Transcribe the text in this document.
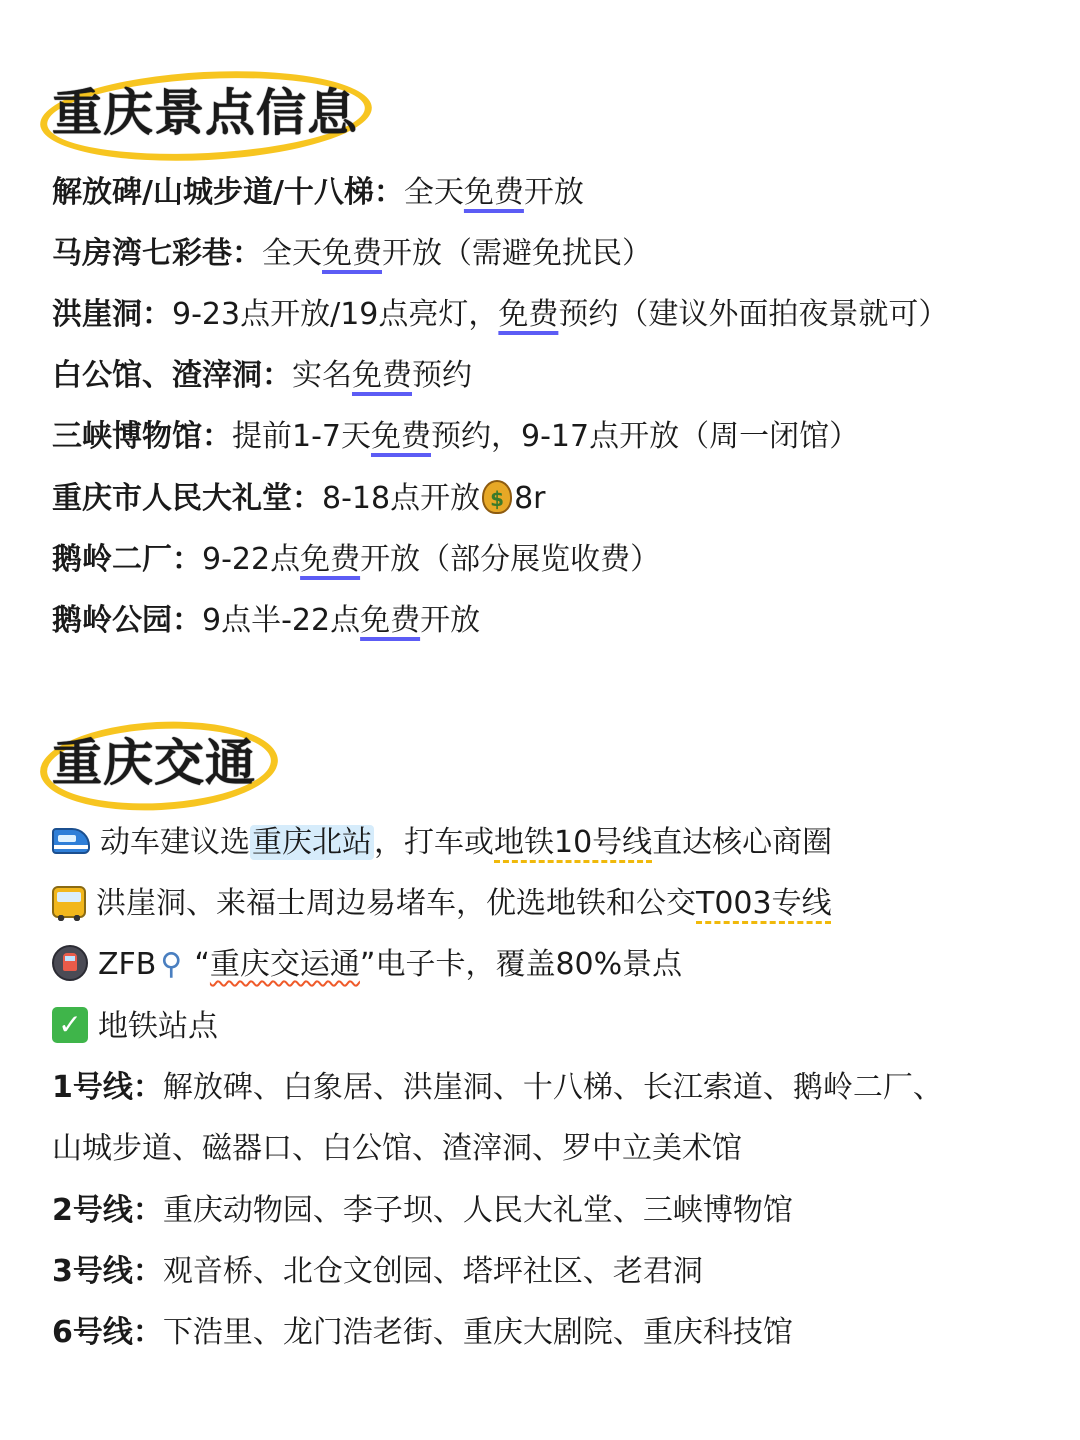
重庆景点信息
解放碑/山城步道/十八梯：全天免费开放
马房湾七彩巷：全天免费开放（需避免扰民）
洪崖洞：9-23点开放/19点亮灯，免费预约（建议外面拍夜景就可）
白公馆、渣滓洞：实名免费预约
三峡博物馆：提前1-7天免费预约，9-17点开放（周一闭馆）
重庆市人民大礼堂：8-18点开放 $ 8r
鹅岭二厂：9-22点免费开放（部分展览收费）
鹅岭公园：9点半-22点免费开放
重庆交通
动车建议选重庆北站，打车或地铁10号线直达核心商圈
洪崖洞、来福士周边易堵车，优选地铁和公交T003专线
ZFB ⚲ “重庆交运通”电子卡，覆盖80%景点
✓ 地铁站点
1号线：解放碑、白象居、洪崖洞、十八梯、长江索道、鹅岭二厂、
山城步道、磁器口、白公馆、渣滓洞、罗中立美术馆
2号线：重庆动物园、李子坝、人民大礼堂、三峡博物馆
3号线：观音桥、北仓文创园、塔坪社区、老君洞
6号线：下浩里、龙门浩老街、重庆大剧院、重庆科技馆
